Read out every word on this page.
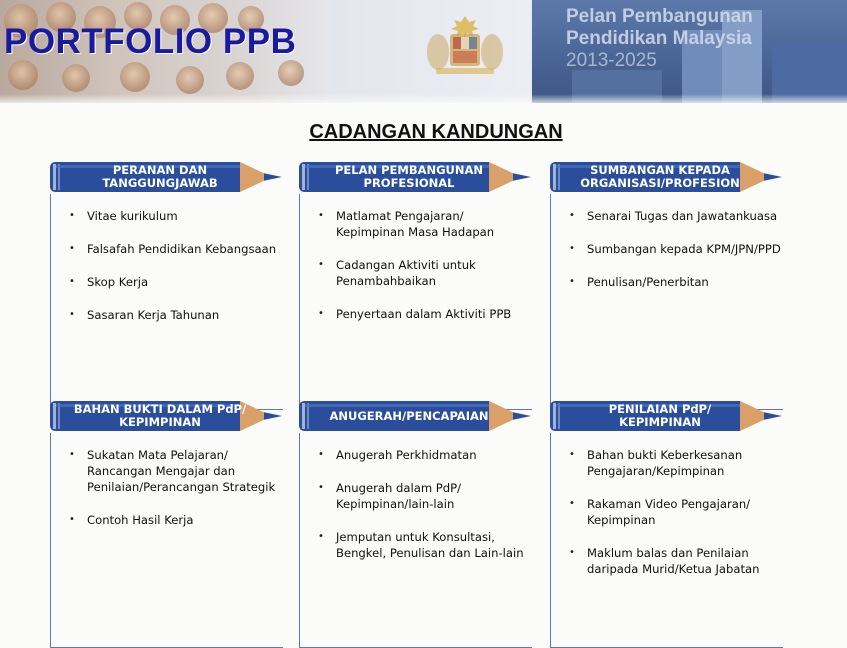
Pelan Pembangunan
Pendidikan Malaysia
2013-2025
PORTFOLIO PPB
CADANGAN KANDUNGAN
PERANAN DAN
TANGGUNGJAWAB
• Vitae kurikulum
• Falsafah Pendidikan Kebangsaan
• Skop Kerja
• Sasaran Kerja Tahunan
PELAN PEMBANGUNAN
PROFESIONAL
• Matlamat Pengajaran/
Kepimpinan Masa Hadapan
• Cadangan Aktiviti untuk
Penambahbaikan
• Penyertaan dalam Aktiviti PPB
SUMBANGAN KEPADA
ORGANISASI/PROFESION
• Senarai Tugas dan Jawatankuasa
• Sumbangan kepada KPM/JPN/PPD
• Penulisan/Penerbitan
BAHAN BUKTI DALAM PdP/
KEPIMPINAN
• Sukatan Mata Pelajaran/
Rancangan Mengajar dan
Penilaian/Perancangan Strategik
• Contoh Hasil Kerja
ANUGERAH/PENCAPAIAN
• Anugerah Perkhidmatan
• Anugerah dalam PdP/
Kepimpinan/lain-lain
• Jemputan untuk Konsultasi,
Bengkel, Penulisan dan Lain-lain
PENILAIAN PdP/
KEPIMPINAN
• Bahan bukti Keberkesanan
Pengajaran/Kepimpinan
• Rakaman Video Pengajaran/
Kepimpinan
• Maklum balas dan Penilaian
daripada Murid/Ketua Jabatan
